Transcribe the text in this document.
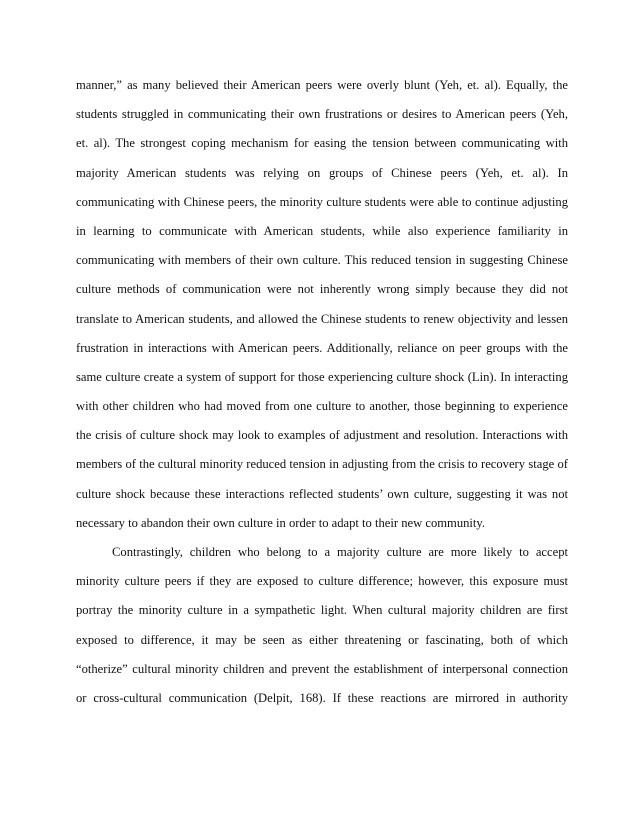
manner,” as many believed their American peers were overly blunt (Yeh, et. al). Equally, the
students struggled in communicating their own frustrations or desires to American peers (Yeh,
et. al). The strongest coping mechanism for easing the tension between communicating with
majority American students was relying on groups of Chinese peers (Yeh, et. al). In
communicating with Chinese peers, the minority culture students were able to continue adjusting
in learning to communicate with American students, while also experience familiarity in
communicating with members of their own culture. This reduced tension in suggesting Chinese
culture methods of communication were not inherently wrong simply because they did not
translate to American students, and allowed the Chinese students to renew objectivity and lessen
frustration in interactions with American peers. Additionally, reliance on peer groups with the
same culture create a system of support for those experiencing culture shock (Lin). In interacting
with other children who had moved from one culture to another, those beginning to experience
the crisis of culture shock may look to examples of adjustment and resolution. Interactions with
members of the cultural minority reduced tension in adjusting from the crisis to recovery stage of
culture shock because these interactions reflected students’ own culture, suggesting it was not
necessary to abandon their own culture in order to adapt to their new community.
Contrastingly, children who belong to a majority culture are more likely to accept
minority culture peers if they are exposed to culture difference; however, this exposure must
portray the minority culture in a sympathetic light. When cultural majority children are first
exposed to difference, it may be seen as either threatening or fascinating, both of which
“otherize” cultural minority children and prevent the establishment of interpersonal connection
or cross-cultural communication (Delpit, 168). If these reactions are mirrored in authority
